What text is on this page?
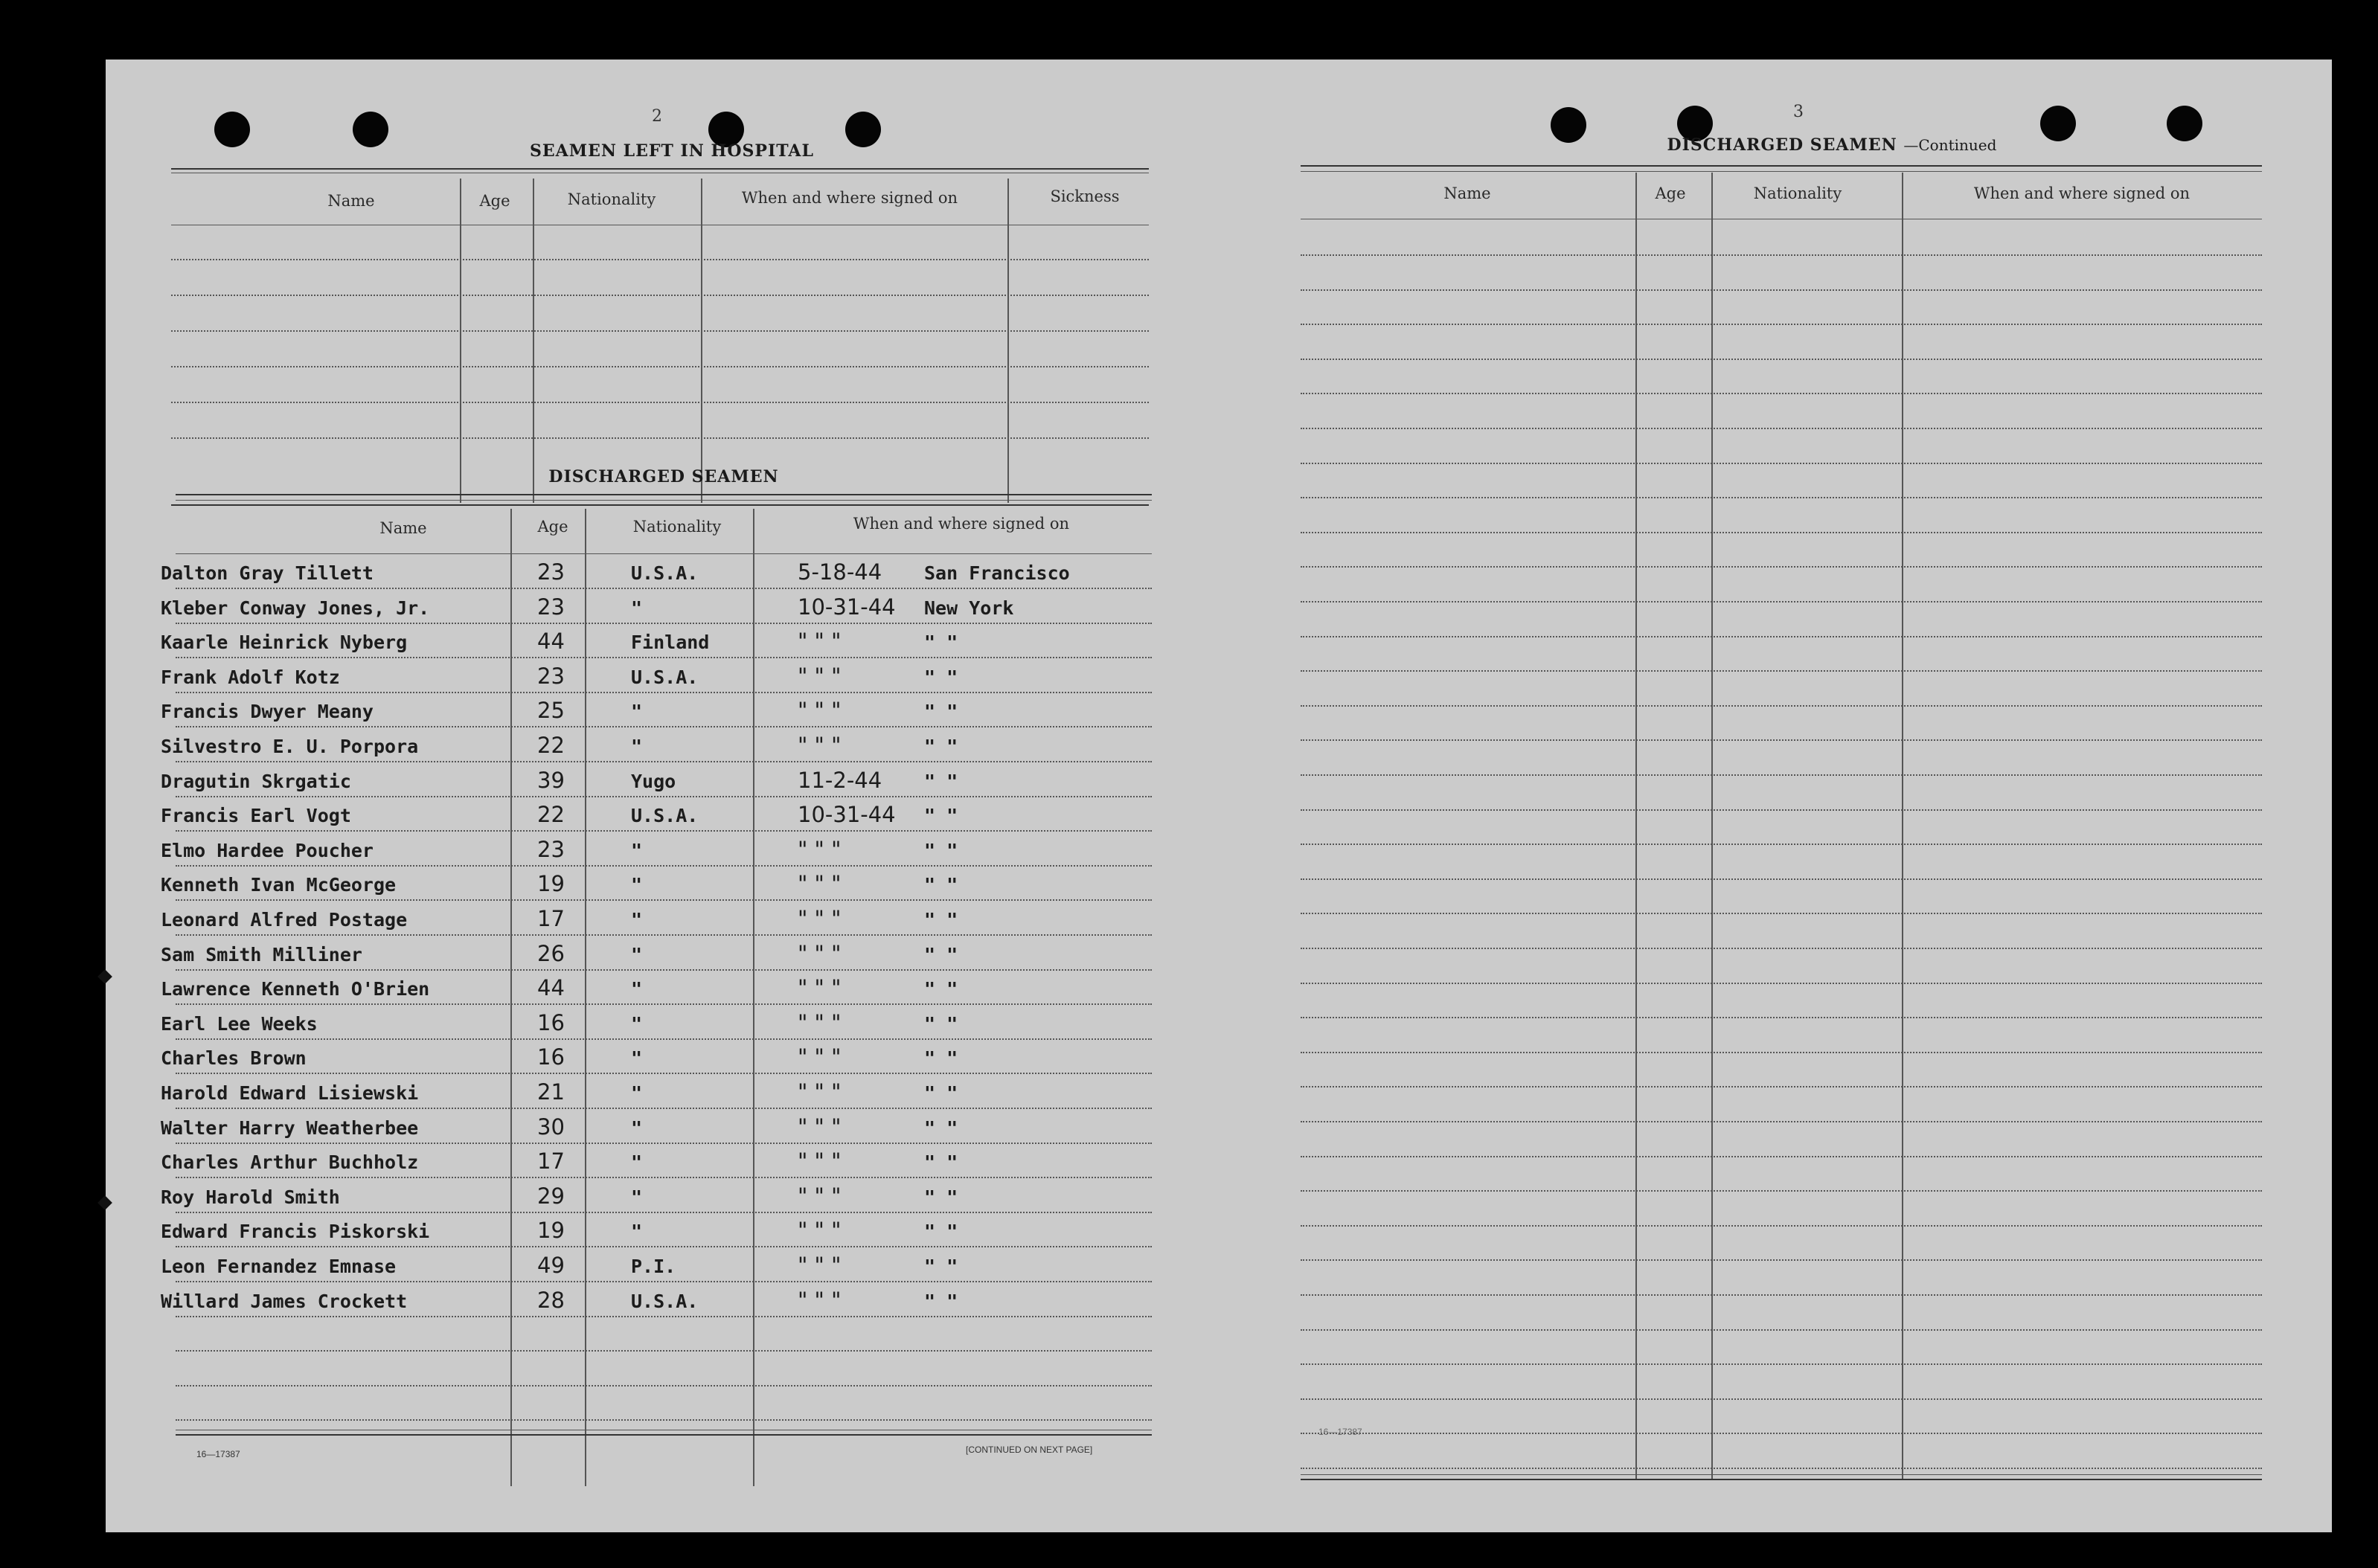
2
SEAMEN LEFT IN HOSPITAL
Name	Age	Nationality	When and where signed on	Sickness
DISCHARGED SEAMEN
Name	Age	Nationality	When and where signed on
Dalton Gray Tillett	23	U.S.A.	5-18-44 San Francisco
Kleber Conway Jones, Jr.	23	"	10-31-44 New York
Kaarle Heinrick Nyberg	44	Finland	" " "	" "
Frank Adolf Kotz	23	U.S.A.	" " "	" "
Francis Dwyer Meany	25	"	" " "	" "
Silvestro E. U. Porpora	22	"	" " "	" "
Dragutin Skrgatic	39	Yugo	11-2-44 " "
Francis Earl Vogt	22	U.S.A.	10-31-44 " "
Elmo Hardee Poucher	23	"	" " "	" "
Kenneth Ivan McGeorge	19	"	" " "	" "
Leonard Alfred Postage	17	"	" " "	" "
Sam Smith Milliner	26	"	" " "	" "
Lawrence Kenneth O'Brien	44	"	" " "	" "
Earl Lee Weeks	16	"	" " "	" "
Charles Brown	16	"	" " "	" "
Harold Edward Lisiewski	21	"	" " "	" "
Walter Harry Weatherbee	30	"	" " "	" "
Charles Arthur Buchholz	17	"	" " "	" "
Roy Harold Smith	29	"	" " "	" "
Edward Francis Piskorski	19	"	" " "	" "
Leon Fernandez Emnase	49	P.I.	" " "	" "
Willard James Crockett	28	U.S.A.	" " "	" "
16—17387	[CONTINUED ON NEXT PAGE]
3
DISCHARGED SEAMEN —Continued
Name	Age	Nationality	When and where signed on
16—17387
